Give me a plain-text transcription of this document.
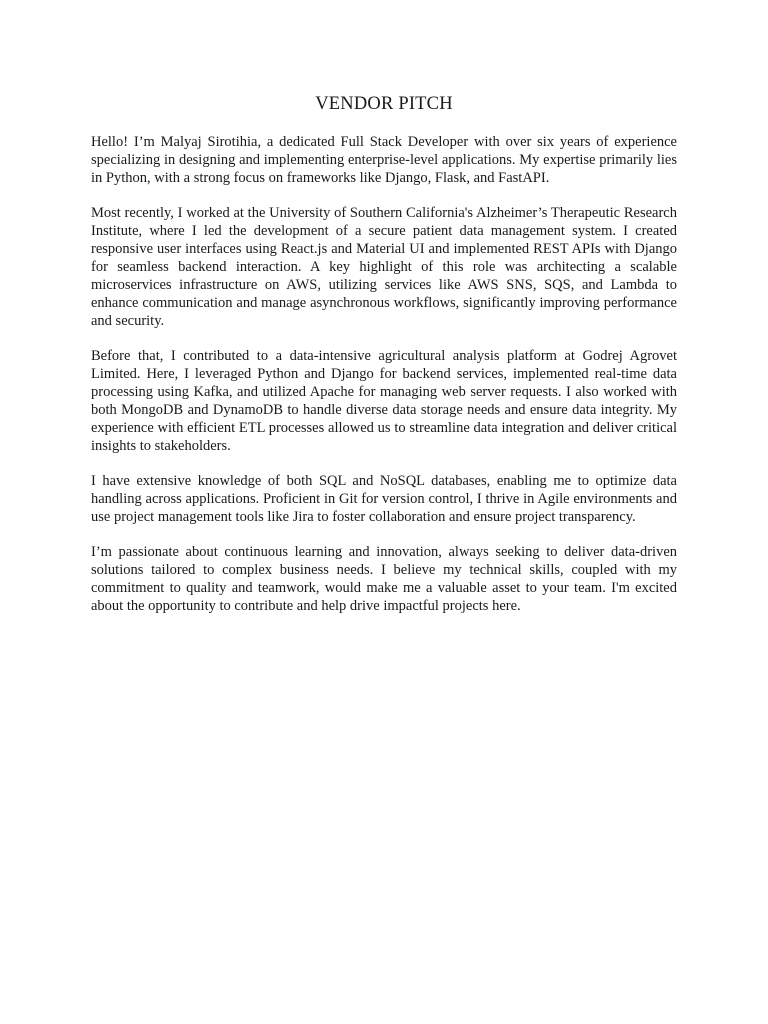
VENDOR PITCH

Hello! I’m Malyaj Sirotihia, a dedicated Full Stack Developer with over six years of experience specializing in designing and implementing enterprise-level applications. My expertise primarily lies in Python, with a strong focus on frameworks like Django, Flask, and FastAPI.

Most recently, I worked at the University of Southern California's Alzheimer’s Therapeutic Research Institute, where I led the development of a secure patient data management system. I created responsive user interfaces using React.js and Material UI and implemented REST APIs with Django for seamless backend interaction. A key highlight of this role was architecting a scalable microservices infrastructure on AWS, utilizing services like AWS SNS, SQS, and Lambda to enhance communication and manage asynchronous workflows, significantly improving performance and security.

Before that, I contributed to a data-intensive agricultural analysis platform at Godrej Agrovet Limited. Here, I leveraged Python and Django for backend services, implemented real-time data processing using Kafka, and utilized Apache for managing web server requests. I also worked with both MongoDB and DynamoDB to handle diverse data storage needs and ensure data integrity. My experience with efficient ETL processes allowed us to streamline data integration and deliver critical insights to stakeholders.

I have extensive knowledge of both SQL and NoSQL databases, enabling me to optimize data handling across applications. Proficient in Git for version control, I thrive in Agile environments and use project management tools like Jira to foster collaboration and ensure project transparency.

I’m passionate about continuous learning and innovation, always seeking to deliver data-driven solutions tailored to complex business needs. I believe my technical skills, coupled with my commitment to quality and teamwork, would make me a valuable asset to your team. I'm excited about the opportunity to contribute and help drive impactful projects here.
